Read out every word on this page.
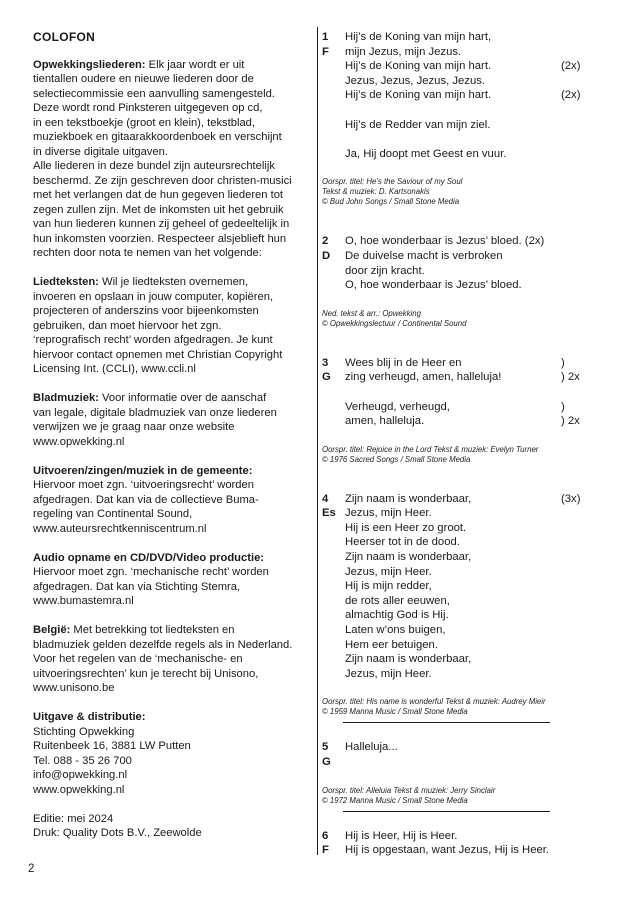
COLOFON

Opwekkingsliederen: Elk jaar wordt er uit
tientallen oudere en nieuwe liederen door de
selectiecommissie een aanvulling samengesteld.
Deze wordt rond Pinksteren uitgegeven op cd,
in een tekstboekje (groot en klein), tekstblad,
muziekboek en gitaarakkoordenboek en verschijnt
in diverse digitale uitgaven.
Alle liederen in deze bundel zijn auteursrechtelijk
beschermd. Ze zijn geschreven door christen-musici
met het verlangen dat de hun gegeven liederen tot
zegen zullen zijn. Met de inkomsten uit het gebruik
van hun liederen kunnen zij geheel of gedeeltelijk in
hun inkomsten voorzien. Respecteer alsjeblieft hun
rechten door nota te nemen van het volgende:

Liedteksten: Wil je liedteksten overnemen,
invoeren en opslaan in jouw computer, kopiëren,
projecteren of anderszins voor bijeenkomsten
gebruiken, dan moet hiervoor het zgn.
‘reprografisch recht’ worden afgedragen. Je kunt
hiervoor contact opnemen met Christian Copyright
Licensing Int. (CCLI), www.ccli.nl

Bladmuziek: Voor informatie over de aanschaf
van legale, digitale bladmuziek van onze liederen
verwijzen we je graag naar onze website
www.opwekking.nl

Uitvoeren/zingen/muziek in de gemeente:
Hiervoor moet zgn. ‘uitvoeringsrecht’ worden
afgedragen. Dat kan via de collectieve Buma-
regeling van Continental Sound,
www.auteursrechtkenniscentrum.nl

Audio opname en CD/DVD/Video productie:
Hiervoor moet zgn. ‘mechanische recht’ worden
afgedragen. Dat kan via Stichting Stemra,
www.bumastemra.nl

België: Met betrekking tot liedteksten en
bladmuziek gelden dezelfde regels als in Nederland.
Voor het regelen van de ‘mechanische- en
uitvoeringsrechten’ kun je terecht bij Unisono,
www.unisono.be

Uitgave & distributie:
Stichting Opwekking
Ruitenbeek 16, 3881 LW Putten
Tel. 088 - 35 26 700
info@opwekking.nl
www.opwekking.nl

Editie: mei 2024
Druk: Quality Dots B.V., Zeewolde

1
F
Hij’s de Koning van mijn hart,
mijn Jezus, mijn Jezus.
Hij’s de Koning van mijn hart.	(2x)
Jezus, Jezus, Jezus, Jezus.
Hij’s de Koning van mijn hart.	(2x)

Hij’s de Redder van mijn ziel.

Ja, Hij doopt met Geest en vuur.
Oorspr. titel: He’s the Saviour of my Soul
Tekst & muziek: D. Kartsonakis
© Bud John Songs / Small Stone Media
2
D
O, hoe wonderbaar is Jezus’ bloed. (2x)
De duivelse macht is verbroken
door zijn kracht.
O, hoe wonderbaar is Jezus’ bloed.
Ned. tekst & arr.: Opwekking
© Opwekkingslectuur / Continental Sound
3
G
Wees blij in de Heer en	)
zing verheugd, amen, halleluja!	) 2x

Verheugd, verheugd,	)
amen, halleluja.	) 2x
Oorspr. titel: Rejoice in the Lord Tekst & muziek: Evelyn Turner
© 1976 Sacred Songs / Small Stone Media
4
Es
Zijn naam is wonderbaar,	(3x)
Jezus, mijn Heer.
Hij is een Heer zo groot.
Heerser tot in de dood.
Zijn naam is wonderbaar,
Jezus, mijn Heer.
Hij is mijn redder,
de rots aller eeuwen,
almachtig God is Hij.
Laten w’ons buigen,
Hem eer betuigen.
Zijn naam is wonderbaar,
Jezus, mijn Heer.
Oorspr. titel: His name is wonderful Tekst & muziek: Audrey Mieir
© 1959 Manna Music / Small Stone Media
5
G
Halleluja...
Oorspr. titel: Alleluia Tekst & muziek: Jerry Sinclair
© 1972 Manna Music / Small Stone Media
6
F
Hij is Heer, Hij is Heer.
Hij is opgestaan, want Jezus, Hij is Heer.
2
